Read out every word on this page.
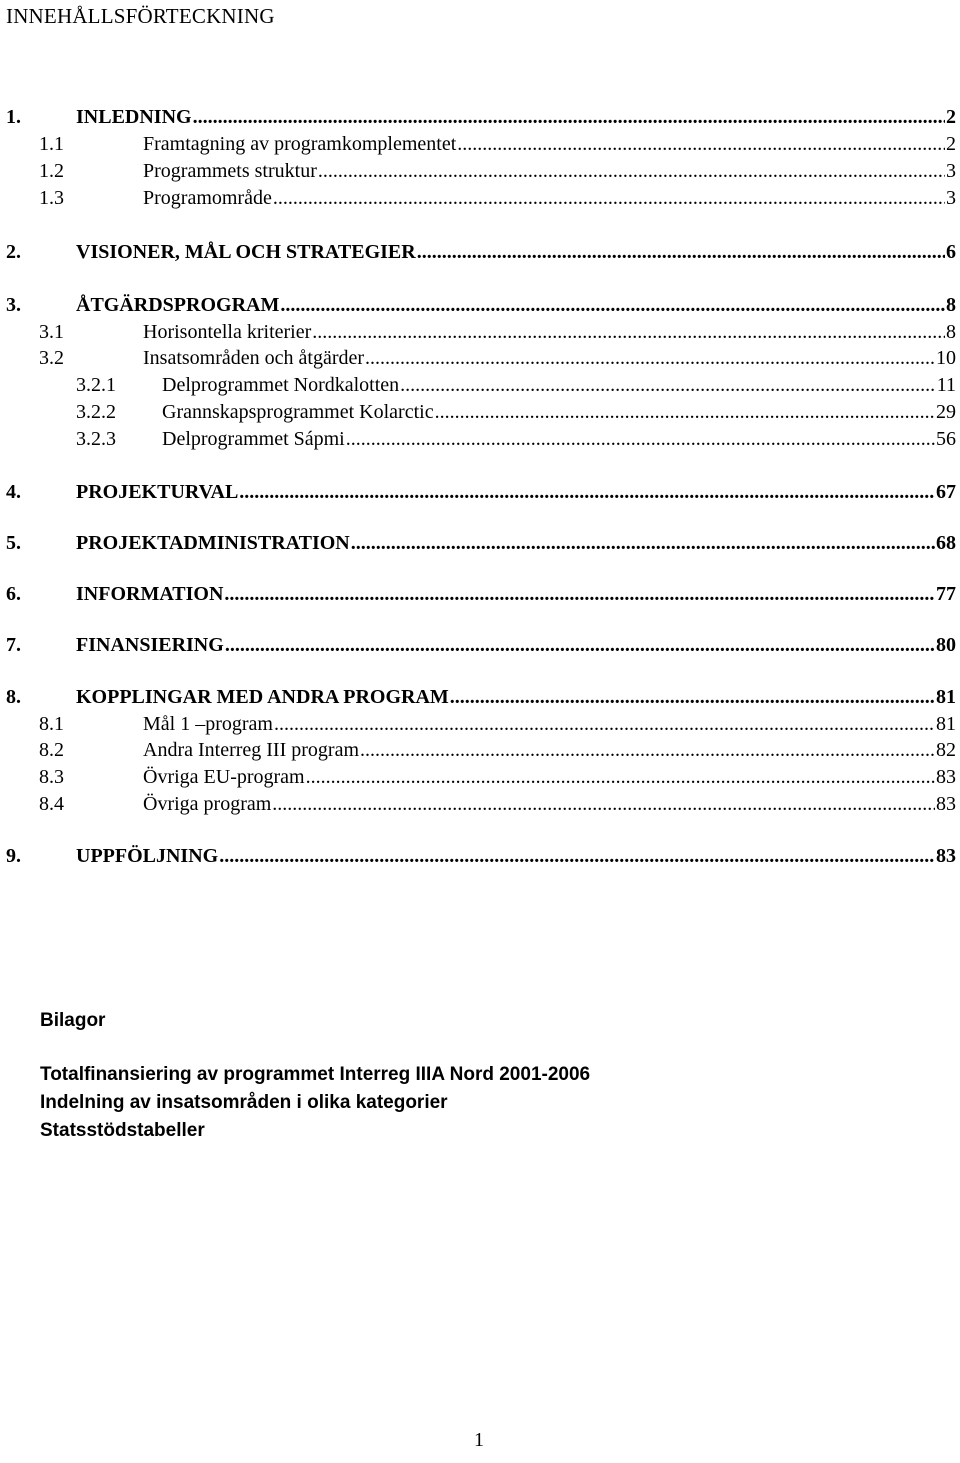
INNEHÅLLSFÖRTECKNING
1.	INLEDNING .....	2
1.1	Framtagning av programkomplementet .....	2
1.2	Programmets struktur .....	3
1.3	Programområde .....	3
2.	VISIONER, MÅL OCH STRATEGIER .....	6
3.	ÅTGÄRDSPROGRAM .....	8
3.1	Horisontella kriterier .....	8
3.2	Insatsområden och åtgärder .....	10
3.2.1 Delprogrammet Nordkalotten .....	11
3.2.2 Grannskapsprogrammet Kolarctic .....	29
3.2.3 Delprogrammet Sápmi .....	56
4.	PROJEKTURVAL .....	67
5.	PROJEKTADMINISTRATION .....	68
6.	INFORMATION .....	77
7.	FINANSIERING .....	80
8.	KOPPLINGAR MED ANDRA PROGRAM .....	81
8.1	Mål 1 –program .....	81
8.2	Andra Interreg III program .....	82
8.3	Övriga EU-program .....	83
8.4	Övriga program .....	83
9.	UPPFÖLJNING .....	83
Bilagor
Totalfinansiering av programmet Interreg IIIA Nord 2001-2006
Indelning av insatsområden i olika kategorier
Statsstödstabeller
1
